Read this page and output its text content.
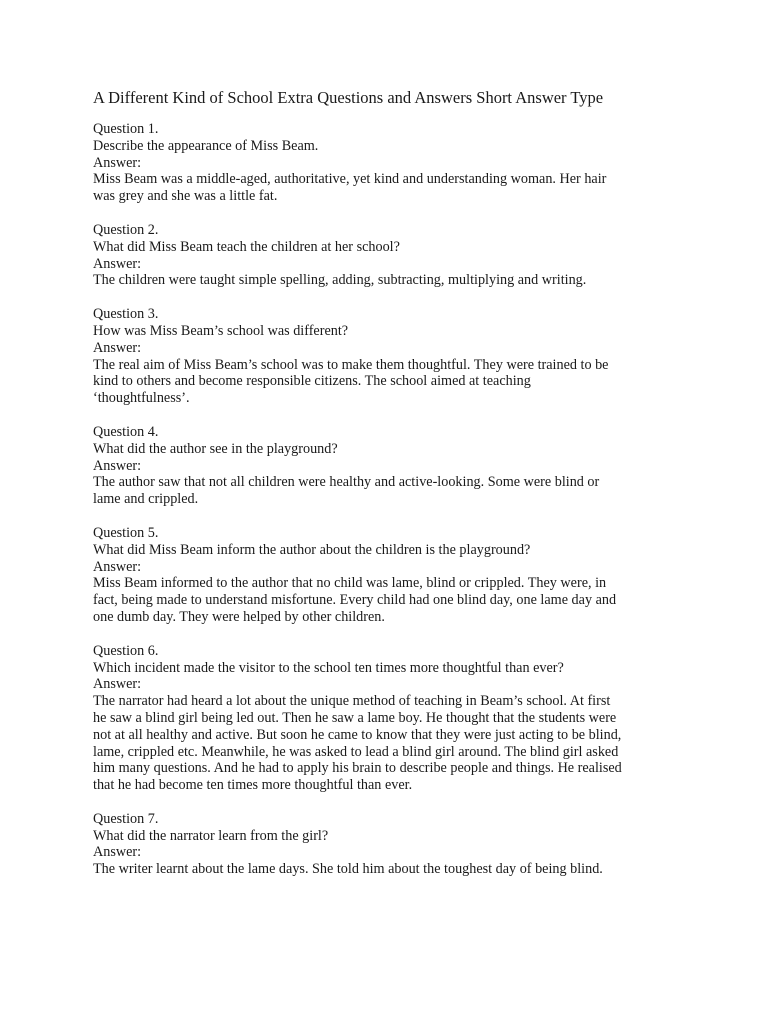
A Different Kind of School Extra Questions and Answers Short Answer Type
Question 1.
Describe the appearance of Miss Beam.
Answer:
Miss Beam was a middle-aged, authoritative, yet kind and understanding woman. Her hair
was grey and she was a little fat.
Question 2.
What did Miss Beam teach the children at her school?
Answer:
The children were taught simple spelling, adding, subtracting, multiplying and writing.
Question 3.
How was Miss Beam’s school was different?
Answer:
The real aim of Miss Beam’s school was to make them thoughtful. They were trained to be
kind to others and become responsible citizens. The school aimed at teaching
‘thoughtfulness’.
Question 4.
What did the author see in the playground?
Answer:
The author saw that not all children were healthy and active-looking. Some were blind or
lame and crippled.
Question 5.
What did Miss Beam inform the author about the children is the playground?
Answer:
Miss Beam informed to the author that no child was lame, blind or crippled. They were, in
fact, being made to understand misfortune. Every child had one blind day, one lame day and
one dumb day. They were helped by other children.
Question 6.
Which incident made the visitor to the school ten times more thoughtful than ever?
Answer:
The narrator had heard a lot about the unique method of teaching in Beam’s school. At first
he saw a blind girl being led out. Then he saw a lame boy. He thought that the students were
not at all healthy and active. But soon he came to know that they were just acting to be blind,
lame, crippled etc. Meanwhile, he was asked to lead a blind girl around. The blind girl asked
him many questions. And he had to apply his brain to describe people and things. He realised
that he had become ten times more thoughtful than ever.
Question 7.
What did the narrator learn from the girl?
Answer:
The writer learnt about the lame days. She told him about the toughest day of being blind.
